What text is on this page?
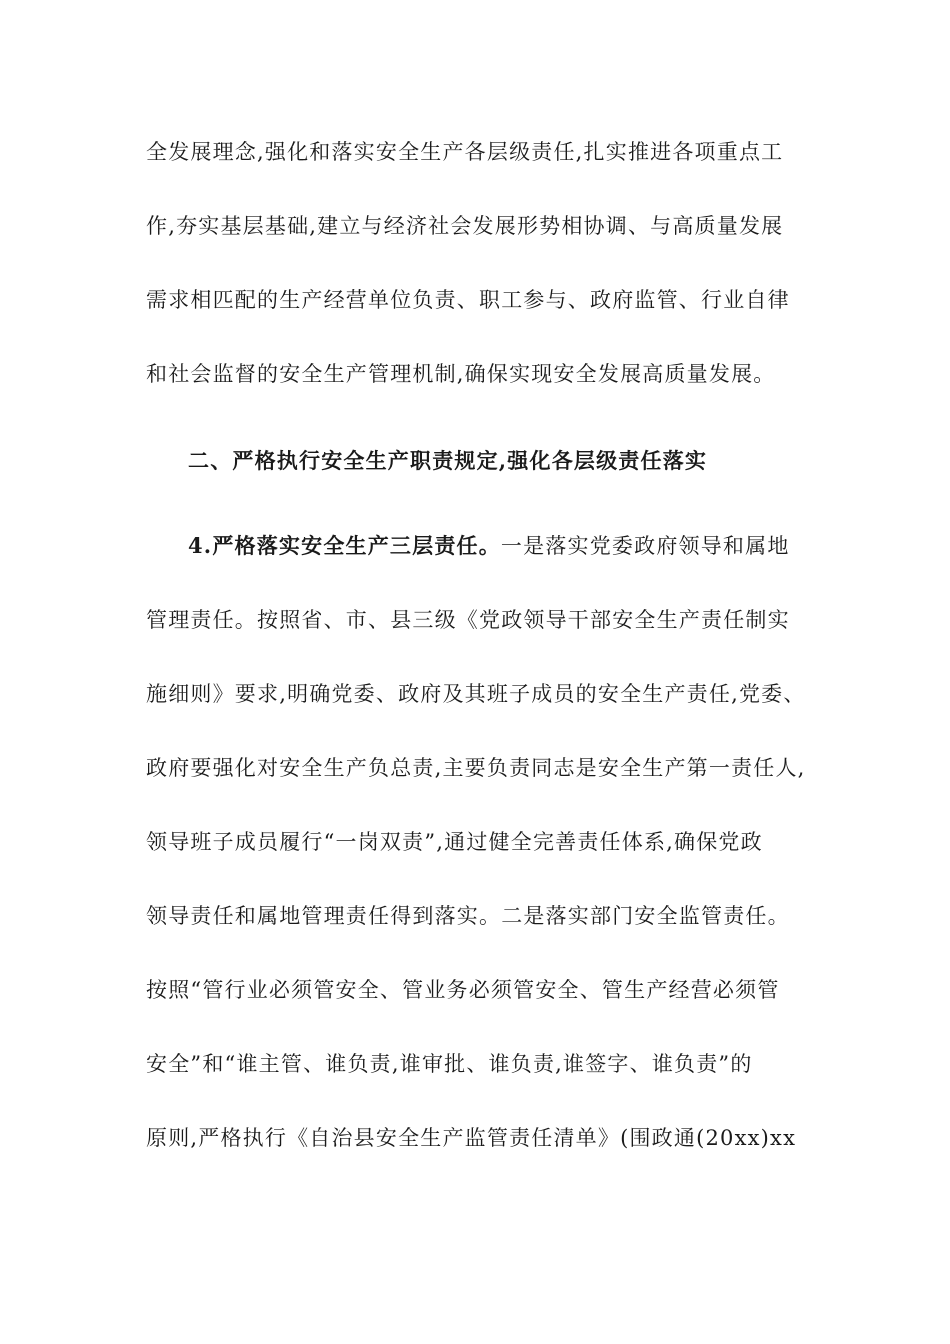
全发展理念,强化和落实安全生产各层级责任,扎实推进各项重点工
作,夯实基层基础,建立与经济社会发展形势相协调、与高质量发展
需求相匹配的生产经营单位负责、职工参与、政府监管、行业自律
和社会监督的安全生产管理机制,确保实现安全发展高质量发展。
二、严格执行安全生产职责规定,强化各层级责任落实
4.严格落实安全生产三层责任。一是落实党委政府领导和属地
管理责任。按照省、市、县三级《党政领导干部安全生产责任制实
施细则》要求,明确党委、政府及其班子成员的安全生产责任,党委、
政府要强化对安全生产负总责,主要负责同志是安全生产第一责任人,
领导班子成员履行“一岗双责”,通过健全完善责任体系,确保党政
领导责任和属地管理责任得到落实。二是落实部门安全监管责任。
按照“管行业必须管安全、管业务必须管安全、管生产经营必须管
安全”和“谁主管、谁负责,谁审批、谁负责,谁签字、谁负责”的
原则,严格执行《自治县安全生产监管责任清单》(围政通(20xx)xx
